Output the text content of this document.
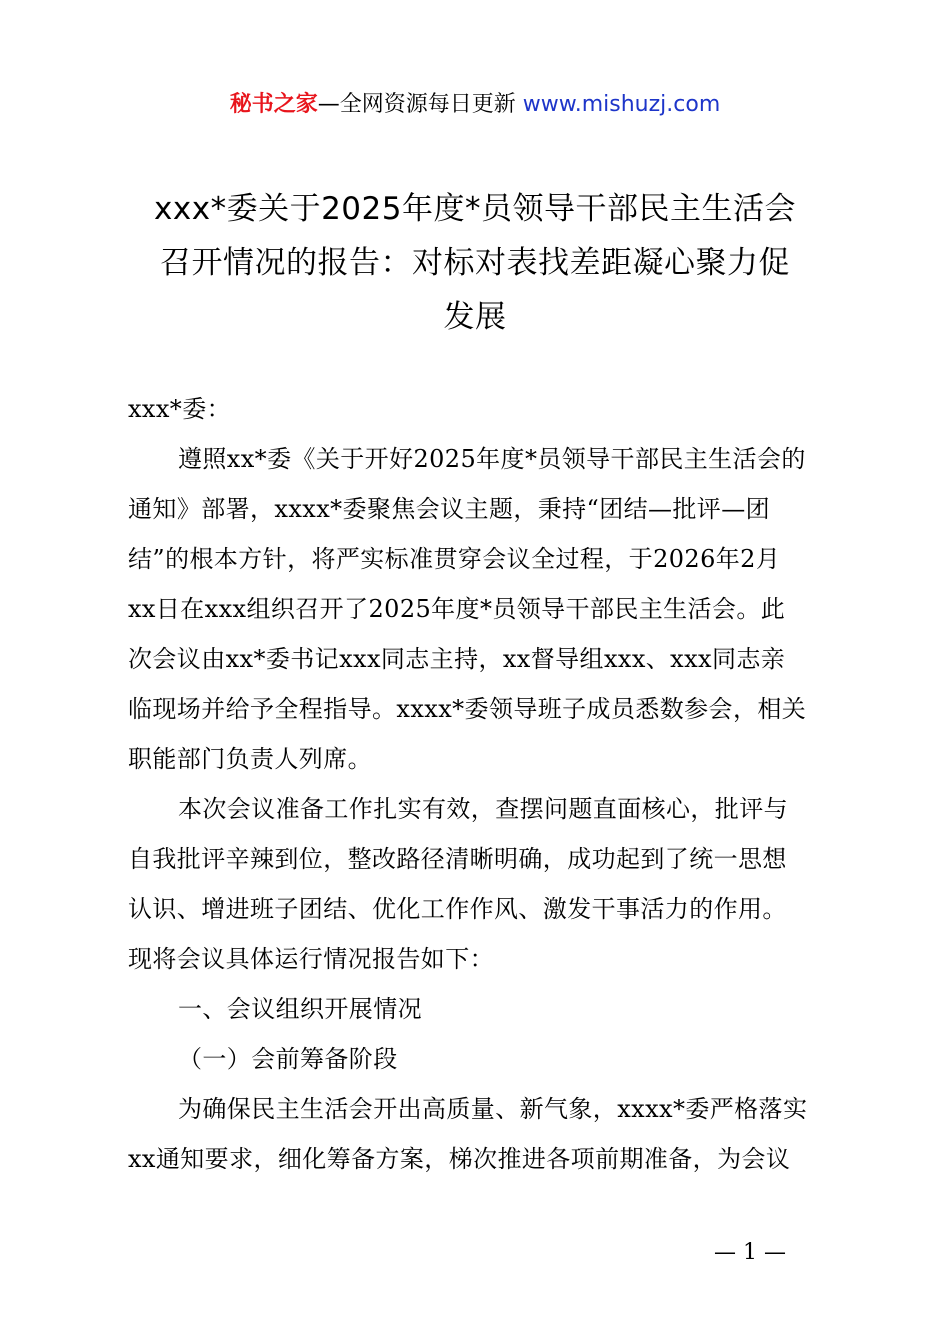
秘书之家—全网资源每日更新 www.mishuzj.com
xxx*委关于2025年度*员领导干部民主生活会
召开情况的报告：对标对表找差距凝心聚力促
发展
xxx*委：
遵照xx*委《关于开好2025年度*员领导干部民主生活会的
通知》部署，xxxx*委聚焦会议主题，秉持“团结—批评—团
结”的根本方针，将严实标准贯穿会议全过程，于2026年2月
xx日在xxx组织召开了2025年度*员领导干部民主生活会。此
次会议由xx*委书记xxx同志主持，xx督导组xxx、xxx同志亲
临现场并给予全程指导。xxxx*委领导班子成员悉数参会，相关
职能部门负责人列席。
本次会议准备工作扎实有效，查摆问题直面核心，批评与
自我批评辛辣到位，整改路径清晰明确，成功起到了统一思想
认识、增进班子团结、优化工作作风、激发干事活力的作用。
现将会议具体运行情况报告如下：
一、会议组织开展情况
（一）会前筹备阶段
为确保民主生活会开出高质量、新气象，xxxx*委严格落实
xx通知要求，细化筹备方案，梯次推进各项前期准备，为会议
— 1 —
